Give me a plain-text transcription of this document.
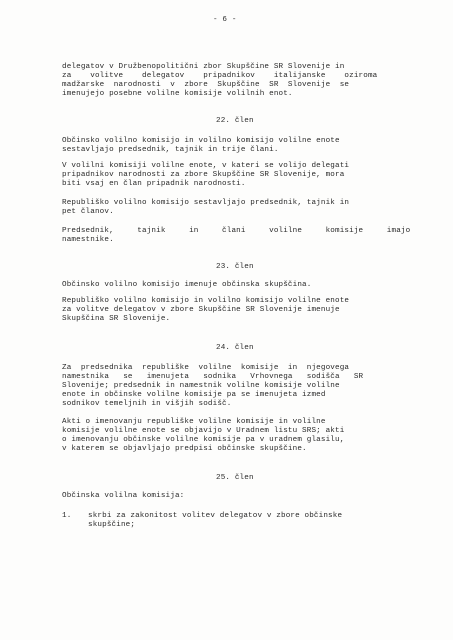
- 6 -
delegatov v Družbenopolitični zbor Skupščine SR Slovenije in
za    volitve    delegatov    pripadnikov    italijanske    oziroma
madžarske  narodnosti  v  zbore  Skupščine  SR  Slovenije  se
imenujejo posebne volilne komisije volilnih enot.
22. člen
Občinsko volilno komisijo in volilno komisijo volilne enote
sestavljajo predsednik, tajnik in trije člani.
V volilni komisiji volilne enote, v kateri se volijo delegati
pripadnikov narodnosti za zbore Skupščine SR Slovenije, mora
biti vsaj en član pripadnik narodnosti.
Republiško volilno komisijo sestavljajo predsednik, tajnik in
pet članov.
Predsednik,     tajnik     in     člani     volilne     komisije     imajo
namestnike.
23. člen
Občinsko volilno komisijo imenuje občinska skupščina.
Republiško volilno komisijo in volilno komisijo volilne enote
za volitve delegatov v zbore Skupščine SR Slovenije imenuje
Skupščina SR Slovenije.
24. člen
Za  predsednika  republiške  volilne  komisije  in  njegovega
namestnika   se   imenujeta   sodnika   Vrhovnega   sodišča   SR
Slovenije; predsednik in namestnik volilne komisije volilne
enote in občinske volilne komisije pa se imenujeta izmed
sodnikov temeljnih in višjih sodišč.
Akti o imenovanju republiške volilne komisije in volilne
komisije volilne enote se objavijo v Uradnem listu SRS; akti
o imenovanju občinske volilne komisije pa v uradnem glasilu,
v katerem se objavljajo predpisi občinske skupščine.
25. člen
Občinska volilna komisija:
1. skrbi za zakonitost volitev delegatov v zbore občinske
skupščine;
